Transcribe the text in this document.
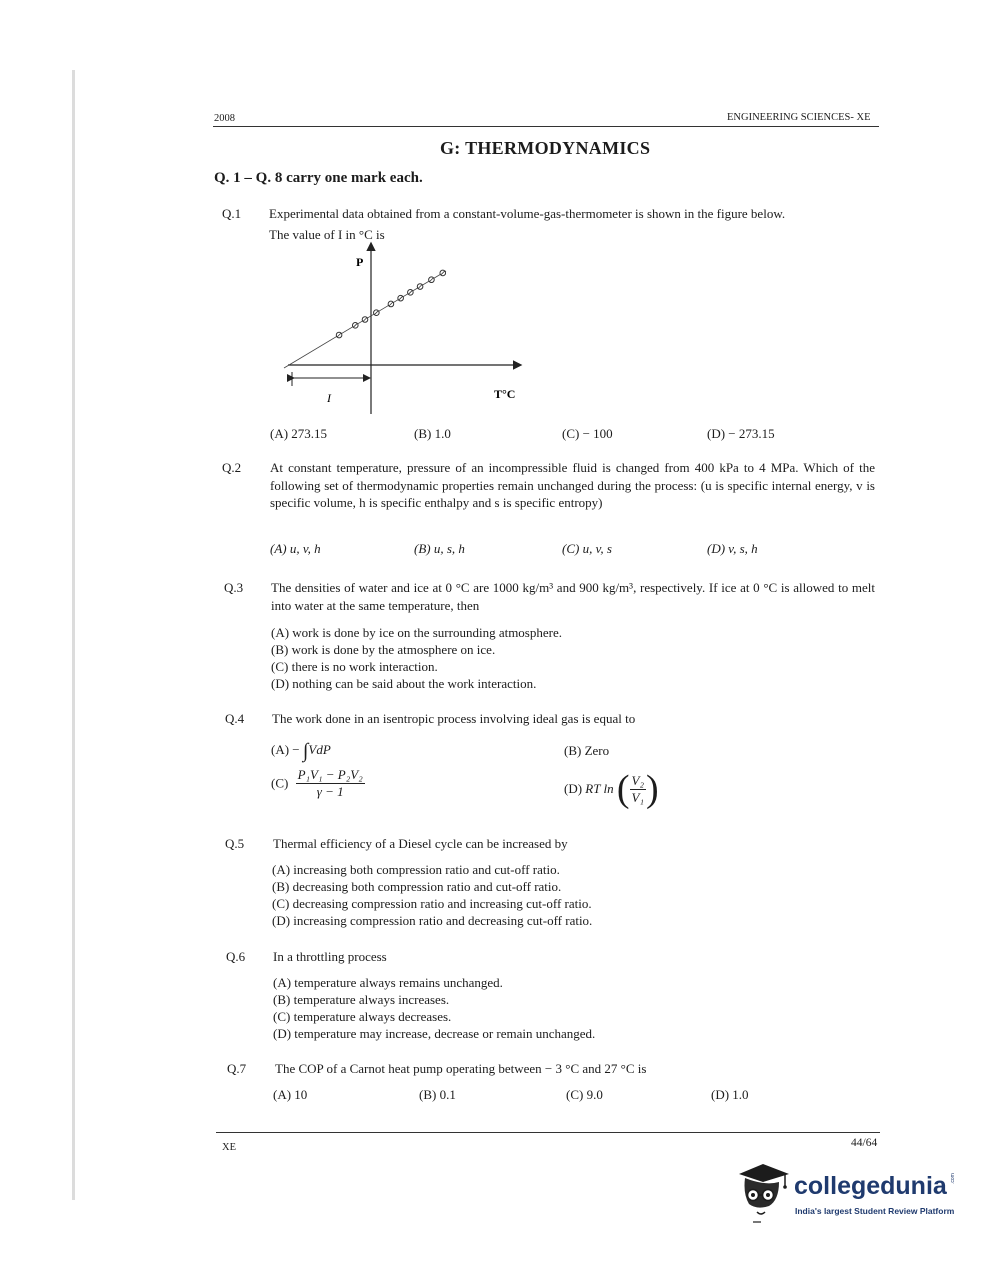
2008	ENGINEERING SCIENCES- XE
G: THERMODYNAMICS
Q. 1 – Q. 8 carry one mark each.
Q.1 Experimental data obtained from a constant-volume-gas-thermometer is shown in the figure below.
The value of I in °C is
P
T°C
I
(A) 273.15	(B) 1.0	(C) − 100	(D) − 273.15
Q.2 At constant temperature, pressure of an incompressible fluid is changed from 400 kPa to 4 MPa. Which of the following set of thermodynamic properties remain unchanged during the process: (u is specific internal energy, v is specific volume, h is specific enthalpy and s is specific entropy)
(A) u, v, h	(B) u, s, h	(C) u, v, s	(D) v, s, h
Q.3 The densities of water and ice at 0 °C are 1000 kg/m³ and 900 kg/m³, respectively. If ice at 0 °C is allowed to melt into water at the same temperature, then
(A) work is done by ice on the surrounding atmosphere.
(B) work is done by the atmosphere on ice.
(C) there is no work interaction.
(D) nothing can be said about the work interaction.
Q.4 The work done in an isentropic process involving ideal gas is equal to
(A) − ∫VdP	(B) Zero
$(C) \frac{\text{P₁V₁ − P₂V₂}}{\gamma - 1}$	(D) RT ln ( $\frac{\text{V₂}}{\text{V₁}}$ )
Q.5 Thermal efficiency of a Diesel cycle can be increased by
(A) increasing both compression ratio and cut-off ratio.
(B) decreasing both compression ratio and cut-off ratio.
(C) decreasing compression ratio and increasing cut-off ratio.
(D) increasing compression ratio and decreasing cut-off ratio.
Q.6 In a throttling process
(A) temperature always remains unchanged.
(B) temperature always increases.
(C) temperature always decreases.
(D) temperature may increase, decrease or remain unchanged.
Q.7 The COP of a Carnot heat pump operating between − 3 °C and 27 °C is
(A) 10	(B) 0.1	(C) 9.0	(D) 1.0
XE	44/64
collegedunia .com
India's largest Student Review Platform
